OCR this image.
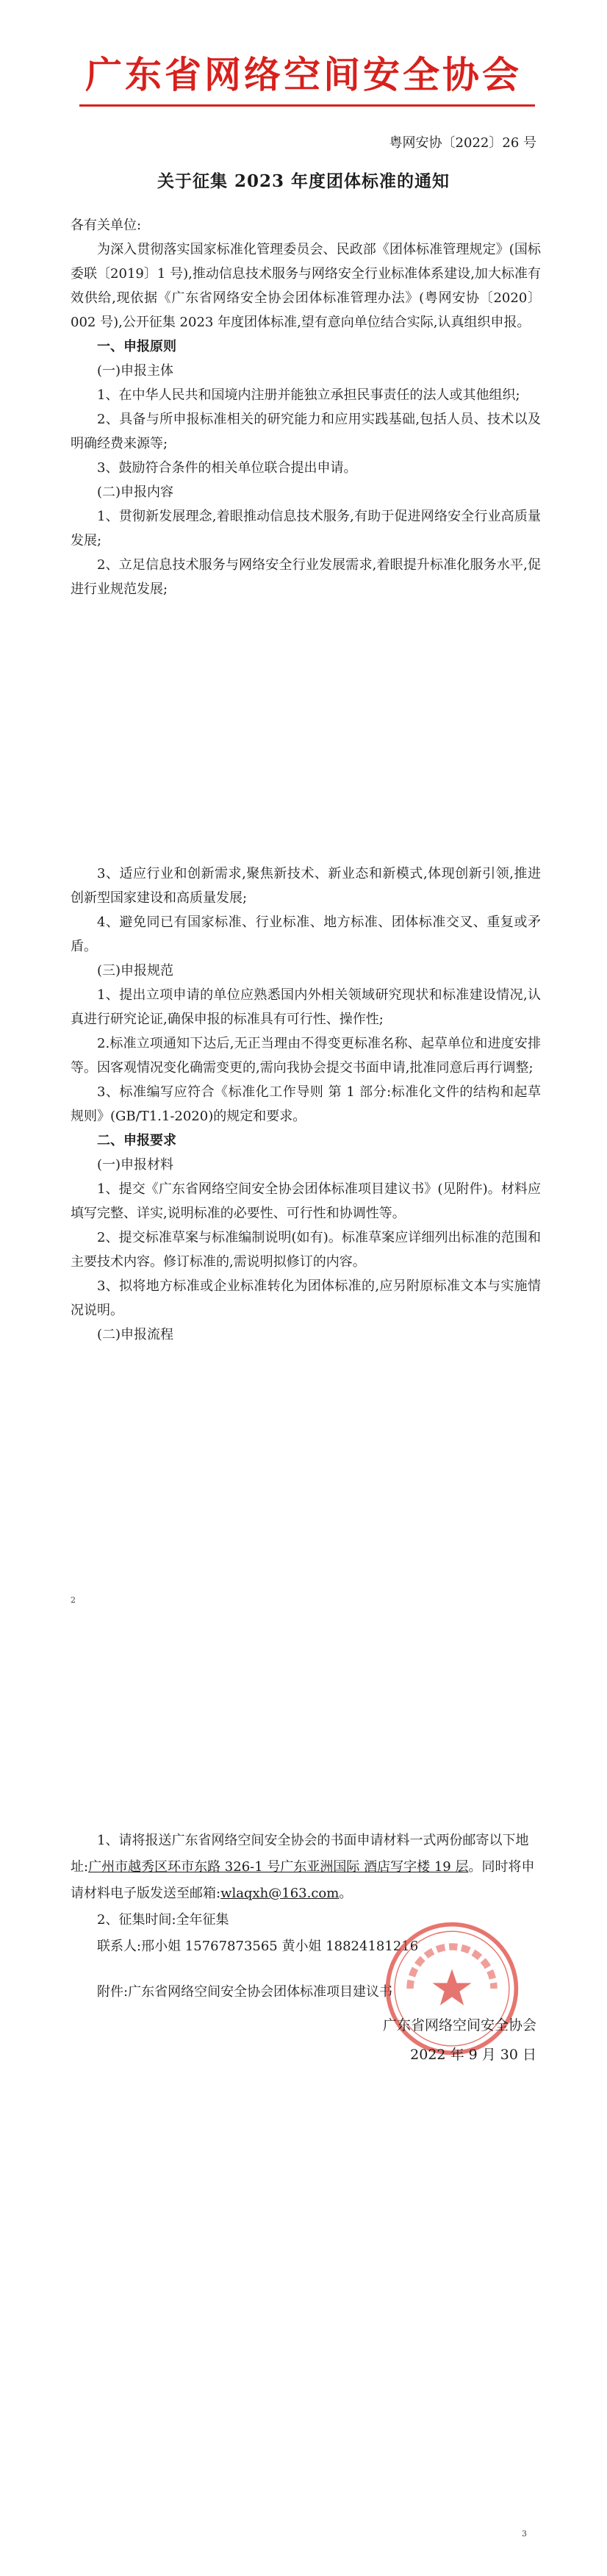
广东省网络空间安全协会
粤网安协〔2022〕26 号
关于征集 2023 年度团体标准的通知

各有关单位:

为深入贯彻落实国家标准化管理委员会、民政部《团体标准管理规定》(国标委联〔2019〕1 号),推动信息技术服务与网络安全行业标准体系建设,加大标准有效供给,现依据《广东省网络安全协会团体标准管理办法》(粤网安协〔2020〕002 号),公开征集 2023 年度团体标准,望有意向单位结合实际,认真组织申报。

一、申报原则

(一)申报主体

1、在中华人民共和国境内注册并能独立承担民事责任的法人或其他组织;

2、具备与所申报标准相关的研究能力和应用实践基础,包括人员、技术以及明确经费来源等;

3、鼓励符合条件的相关单位联合提出申请。

(二)申报内容

1、贯彻新发展理念,着眼推动信息技术服务,有助于促进网络安全行业高质量发展;

2、立足信息技术服务与网络安全行业发展需求,着眼提升标准化服务水平,促进行业规范发展;

3、适应行业和创新需求,聚焦新技术、新业态和新模式,体现创新引领,推进创新型国家建设和高质量发展;

4、避免同已有国家标准、行业标准、地方标准、团体标准交叉、重复或矛盾。

(三)申报规范

1、提出立项申请的单位应熟悉国内外相关领域研究现状和标准建设情况,认真进行研究论证,确保申报的标准具有可行性、操作性;

2.标准立项通知下达后,无正当理由不得变更标准名称、起草单位和进度安排等。因客观情况变化确需变更的,需向我协会提交书面申请,批准同意后再行调整;

3、标准编写应符合《标准化工作导则 第 1 部分:标准化文件的结构和起草规则》(GB/T1.1-2020)的规定和要求。

二、申报要求

(一)申报材料

1、提交《广东省网络空间安全协会团体标准项目建议书》(见附件)。材料应填写完整、详实,说明标准的必要性、可行性和协调性等。

2、提交标准草案与标准编制说明(如有)。标准草案应详细列出标准的范围和主要技术内容。修订标准的,需说明拟修订的内容。

3、拟将地方标准或企业标准转化为团体标准的,应另附原标准文本与实施情况说明。

(二)申报流程

2

1、请将报送广东省网络空间安全协会的书面申请材料一式两份邮寄以下地址:广州市越秀区环市东路 326-1 号广东亚洲国际 酒店写字楼 19 层。同时将申请材料电子版发送至邮箱:wlaqxh@163.com。

2、征集时间:全年征集

联系人:邢小姐 15767873565 黄小姐 18824181216

附件:广东省网络空间安全协会团体标准项目建议书

3
广东省网络空间安全协会
2022 年 9 月 30 日
